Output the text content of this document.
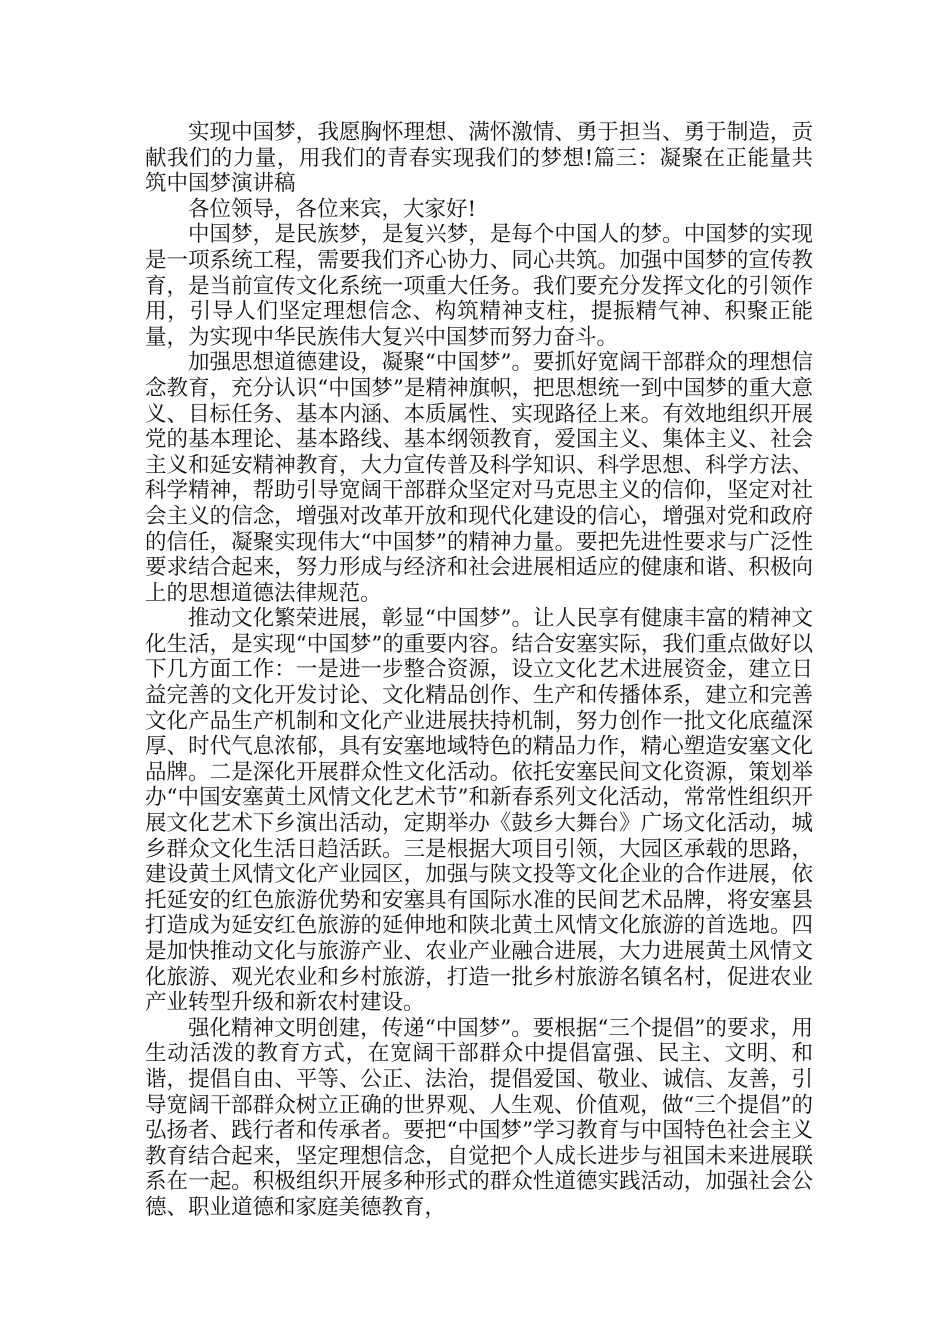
实现中国梦，我愿胸怀理想、满怀激情、勇于担当、勇于制造，贡献我们的力量，用我们的青春实现我们的梦想!篇三：凝聚在正能量共筑中国梦演讲稿

各位领导，各位来宾，大家好!

中国梦，是民族梦，是复兴梦，是每个中国人的梦。中国梦的实现是一项系统工程，需要我们齐心协力、同心共筑。加强中国梦的宣传教育，是当前宣传文化系统一项重大任务。我们要充分发挥文化的引领作用，引导人们坚定理想信念、构筑精神支柱，提振精气神、积聚正能量，为实现中华民族伟大复兴中国梦而努力奋斗。

加强思想道德建设，凝聚“中国梦”。要抓好宽阔干部群众的理想信念教育，充分认识“中国梦”是精神旗帜，把思想统一到中国梦的重大意义、目标任务、基本内涵、本质属性、实现路径上来。有效地组织开展党的基本理论、基本路线、基本纲领教育，爱国主义、集体主义、社会主义和延安精神教育，大力宣传普及科学知识、科学思想、科学方法、科学精神，帮助引导宽阔干部群众坚定对马克思主义的信仰，坚定对社会主义的信念，增强对改革开放和现代化建设的信心，增强对党和政府的信任，凝聚实现伟大“中国梦”的精神力量。要把先进性要求与广泛性要求结合起来，努力形成与经济和社会进展相适应的健康和谐、积极向上的思想道德法律规范。

推动文化繁荣进展，彰显“中国梦”。让人民享有健康丰富的精神文化生活，是实现“中国梦”的重要内容。结合安塞实际，我们重点做好以下几方面工作：一是进一步整合资源，设立文化艺术进展资金，建立日益完善的文化开发讨论、文化精品创作、生产和传播体系，建立和完善文化产品生产机制和文化产业进展扶持机制，努力创作一批文化底蕴深厚、时代气息浓郁，具有安塞地域特色的精品力作，精心塑造安塞文化品牌。二是深化开展群众性文化活动。依托安塞民间文化资源，策划举办“中国安塞黄土风情文化艺术节”和新春系列文化活动，常常性组织开展文化艺术下乡演出活动，定期举办《鼓乡大舞台》广场文化活动，城乡群众文化生活日趋活跃。三是根据大项目引领，大园区承载的思路，建设黄土风情文化产业园区，加强与陕文投等文化企业的合作进展，依托延安的红色旅游优势和安塞具有国际水准的民间艺术品牌，将安塞县打造成为延安红色旅游的延伸地和陕北黄土风情文化旅游的首选地。四是加快推动文化与旅游产业、农业产业融合进展，大力进展黄土风情文化旅游、观光农业和乡村旅游，打造一批乡村旅游名镇名村，促进农业产业转型升级和新农村建设。

强化精神文明创建，传递“中国梦”。要根据“三个提倡”的要求，用生动活泼的教育方式，在宽阔干部群众中提倡富强、民主、文明、和谐，提倡自由、平等、公正、法治，提倡爱国、敬业、诚信、友善，引导宽阔干部群众树立正确的世界观、人生观、价值观，做“三个提倡”的弘扬者、践行者和传承者。要把“中国梦”学习教育与中国特色社会主义教育结合起来，坚定理想信念，自觉把个人成长进步与祖国未来进展联系在一起。积极组织开展多种形式的群众性道德实践活动，加强社会公德、职业道德和家庭美德教育，
